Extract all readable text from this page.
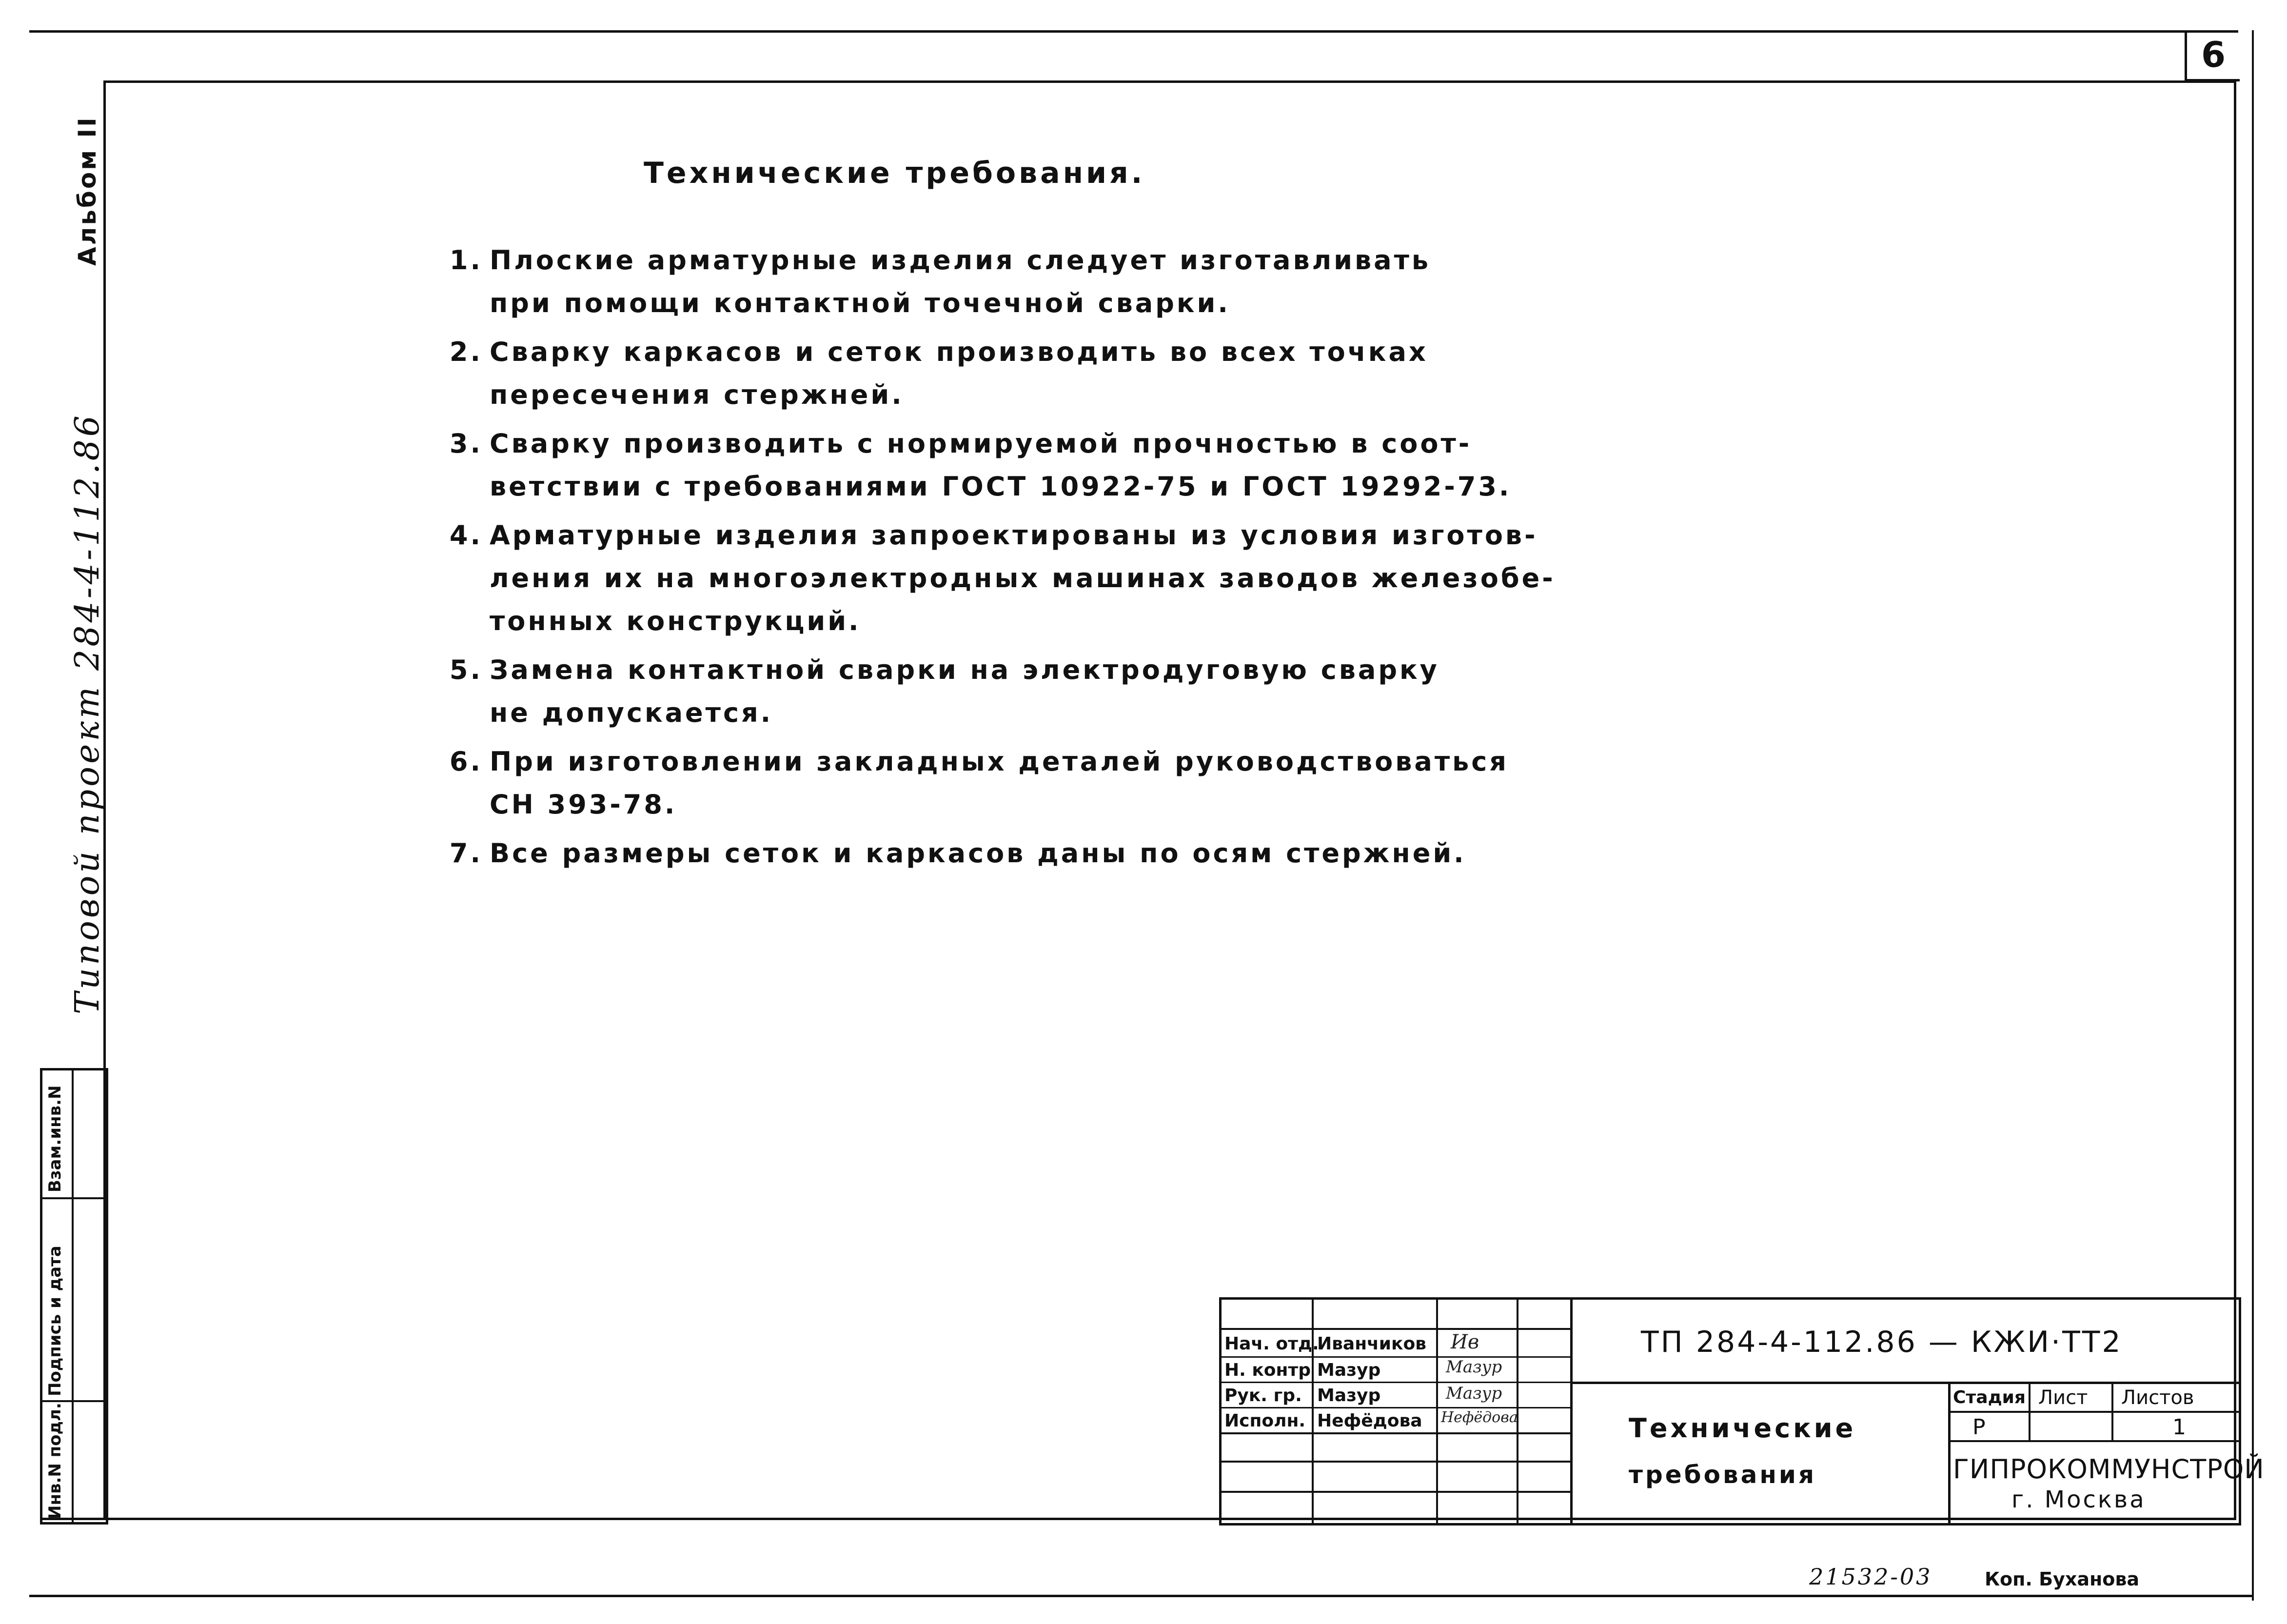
6
Альбом II
Типовой проект 284-4-112.86
Взам.инв.N
Подпись и дата
Инв.N подл.
Технические требования.
1. Плоские арматурные изделия следует изготавливать
при помощи контактной точечной сварки.
2. Сварку каркасов и сеток производить во всех точках
пересечения стержней.
3. Сварку производить с нормируемой прочностью в соот-
ветствии с требованиями ГОСТ 10922-75 и ГОСТ 19292-73.
4. Арматурные изделия запроектированы из условия изготов-
ления их на многоэлектродных машинах заводов железобе-
тонных конструкций.
5. Замена контактной сварки на электродуговую сварку
не допускается.
6. При изготовлении закладных деталей руководствоваться
СН 393-78.
7. Все размеры сеток и каркасов даны по осям стержней.
Нач. отд.
Иванчиков
Н. контр Мазур
Рук. гр. Мазур
Исполн. Нефёдова
Ив
Мазур
Мазур
Нефёдова
ТП 284-4-112.86 — КЖИ·ТТ2
Технические
требования
Стадия Лист Листов
Р	1
ГИПРОКОММУНСТРОЙ
г. Москва
21532-03	Коп. Буханова
